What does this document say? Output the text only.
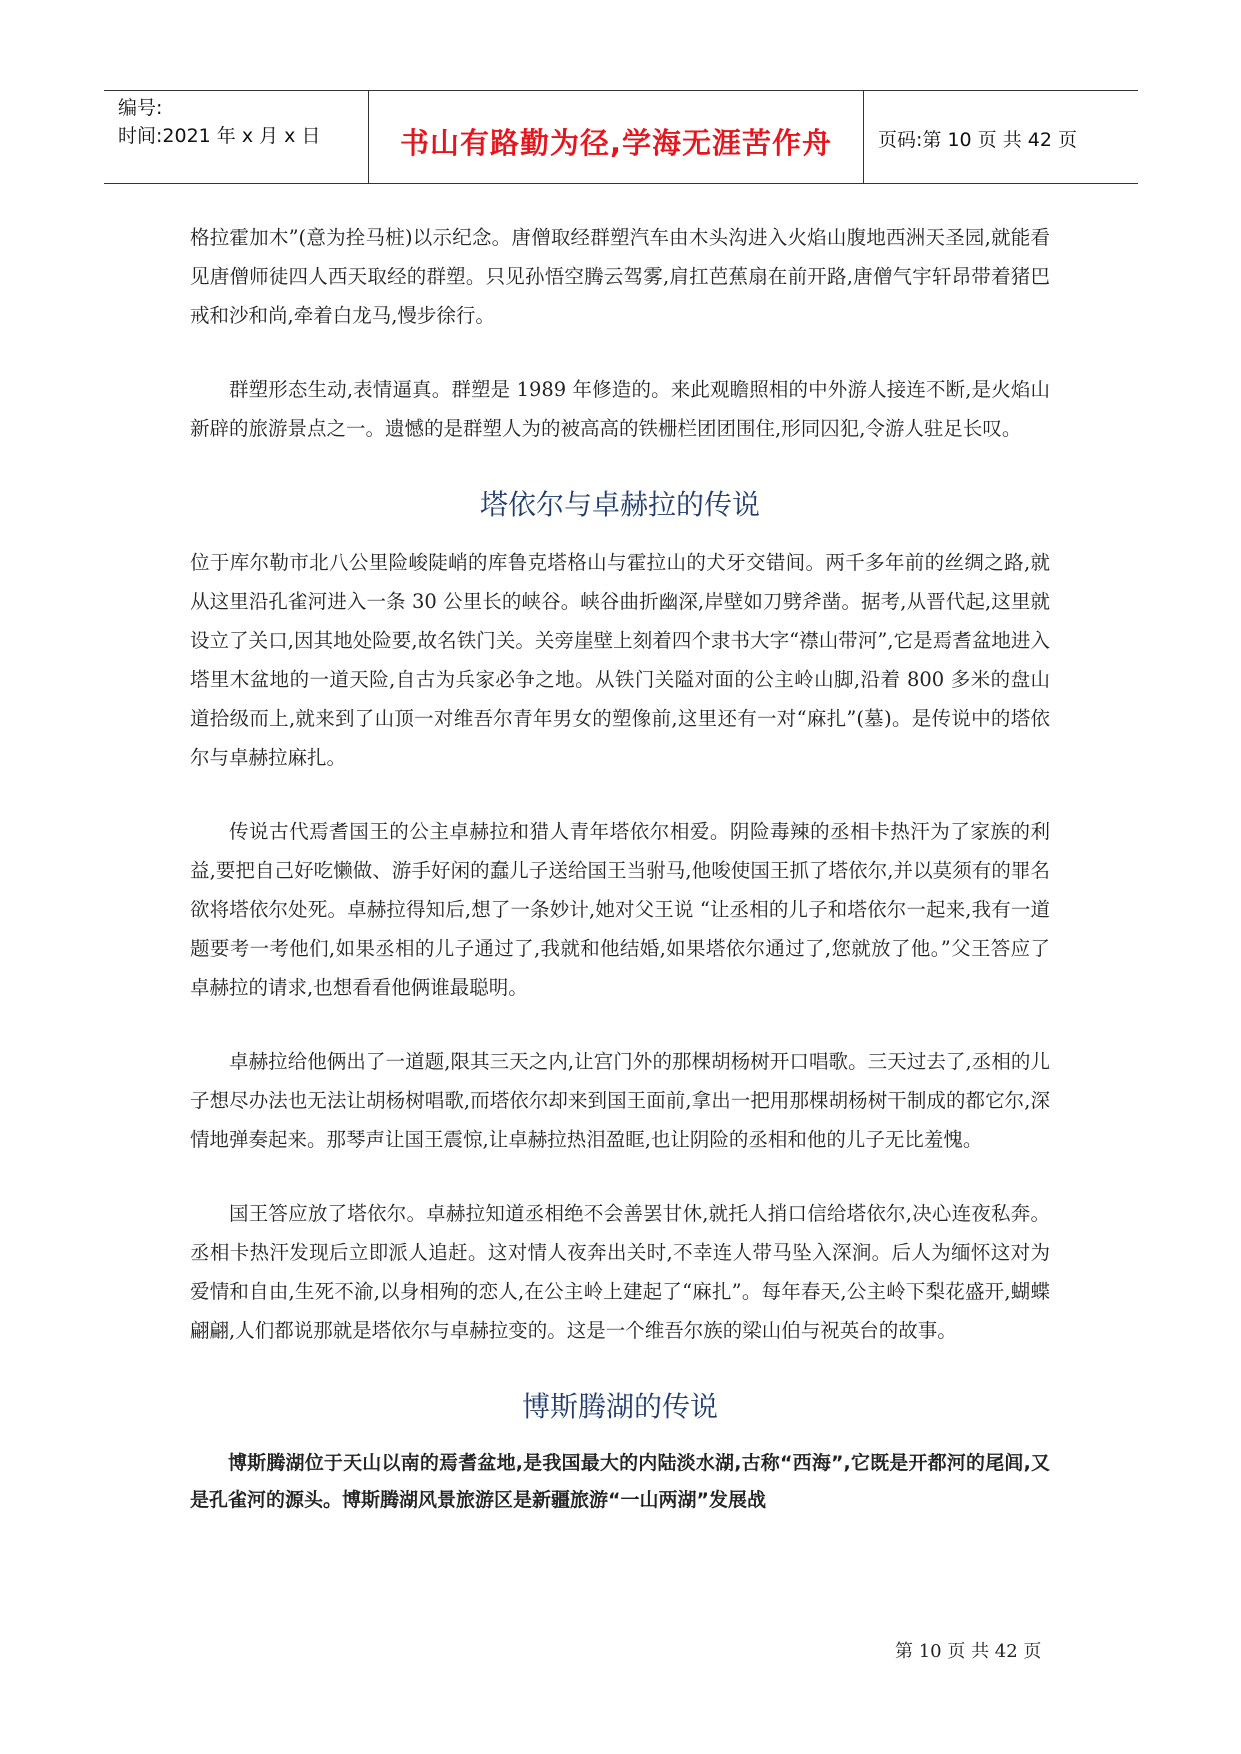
编号:
时间:2021 年 x 月 x 日	书山有路勤为径,学海无涯苦作舟	页码:第 10 页 共 42 页

格拉霍加木”(意为拴马桩)以示纪念。唐僧取经群塑汽车由木头沟进入火焰山腹地西洲天圣园,就能看见唐僧师徒四人西天取经的群塑。只见孙悟空腾云驾雾,肩扛芭蕉扇在前开路,唐僧气宇轩昂带着猪巴戒和沙和尚,牵着白龙马,慢步徐行。

群塑形态生动,表情逼真。群塑是 1989 年修造的。来此观瞻照相的中外游人接连不断,是火焰山新辟的旅游景点之一。遗憾的是群塑人为的被高高的铁栅栏团团围住,形同囚犯,令游人驻足长叹。

塔依尔与卓赫拉的传说

位于库尔勒市北八公里险峻陡峭的库鲁克塔格山与霍拉山的犬牙交错间。两千多年前的丝绸之路,就从这里沿孔雀河进入一条 30 公里长的峡谷。峡谷曲折幽深,岸壁如刀劈斧凿。据考,从晋代起,这里就设立了关口,因其地处险要,故名铁门关。关旁崖壁上刻着四个隶书大字“襟山带河”,它是焉耆盆地进入塔里木盆地的一道天险,自古为兵家必争之地。从铁门关隘对面的公主岭山脚,沿着 800 多米的盘山道拾级而上,就来到了山顶一对维吾尔青年男女的塑像前,这里还有一对“麻扎”(墓)。是传说中的塔依尔与卓赫拉麻扎。

传说古代焉耆国王的公主卓赫拉和猎人青年塔依尔相爱。阴险毒辣的丞相卡热汗为了家族的利益,要把自己好吃懒做、游手好闲的蠢儿子送给国王当驸马,他唆使国王抓了塔依尔,并以莫须有的罪名欲将塔依尔处死。卓赫拉得知后,想了一条妙计,她对父王说 “让丞相的儿子和塔依尔一起来,我有一道题要考一考他们,如果丞相的儿子通过了,我就和他结婚,如果塔依尔通过了,您就放了他。”父王答应了卓赫拉的请求,也想看看他俩谁最聪明。

卓赫拉给他俩出了一道题,限其三天之内,让宫门外的那棵胡杨树开口唱歌。三天过去了,丞相的儿子想尽办法也无法让胡杨树唱歌,而塔依尔却来到国王面前,拿出一把用那棵胡杨树干制成的都它尔,深情地弹奏起来。那琴声让国王震惊,让卓赫拉热泪盈眶,也让阴险的丞相和他的儿子无比羞愧。

国王答应放了塔依尔。卓赫拉知道丞相绝不会善罢甘休,就托人捎口信给塔依尔,决心连夜私奔。丞相卡热汗发现后立即派人追赶。这对情人夜奔出关时,不幸连人带马坠入深涧。后人为缅怀这对为爱情和自由,生死不渝,以身相殉的恋人,在公主岭上建起了“麻扎”。每年春天,公主岭下梨花盛开,蝴蝶翩翩,人们都说那就是塔依尔与卓赫拉变的。这是一个维吾尔族的梁山伯与祝英台的故事。

博斯腾湖的传说

博斯腾湖位于天山以南的焉耆盆地,是我国最大的内陆淡水湖,古称“西海”,它既是开都河的尾闾,又是孔雀河的源头。博斯腾湖风景旅游区是新疆旅游“一山两湖”发展战

第 10 页 共 42 页
